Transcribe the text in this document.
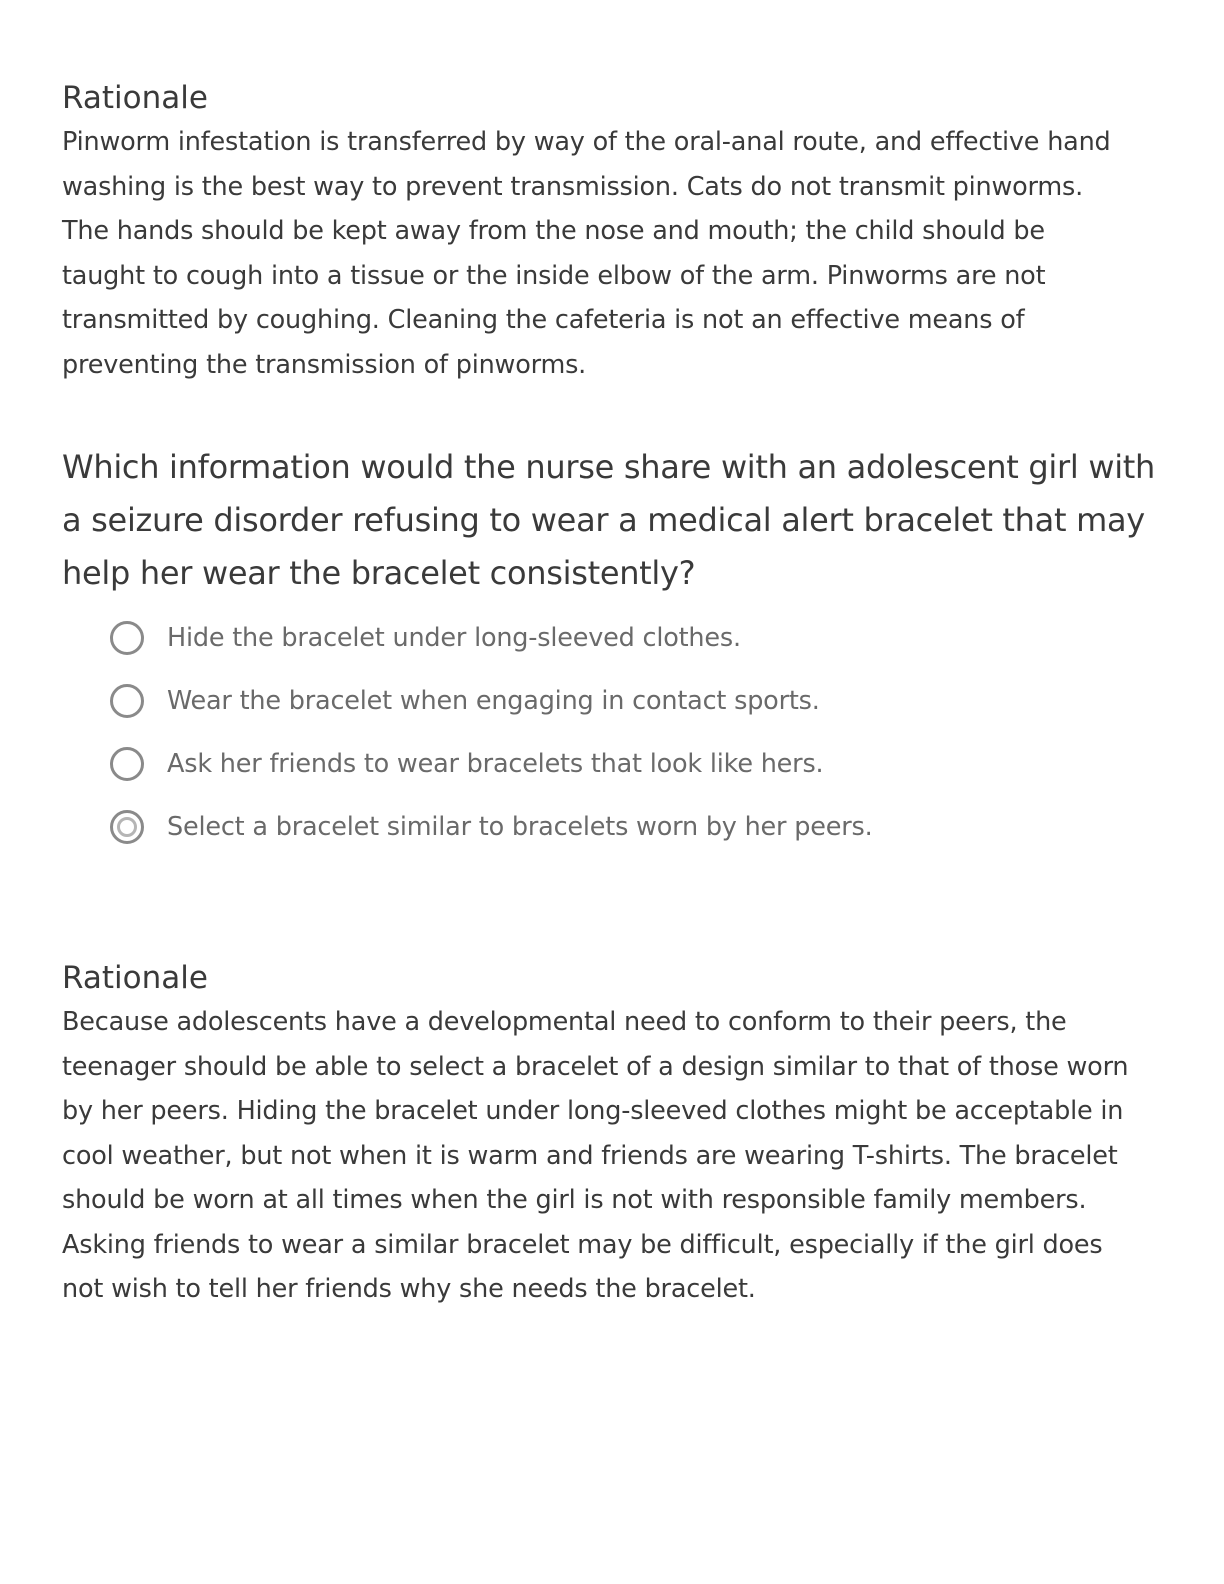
Rationale
Pinworm infestation is transferred by way of the oral-anal route, and effective hand
washing is the best way to prevent transmission. Cats do not transmit pinworms.
The hands should be kept away from the nose and mouth; the child should be
taught to cough into a tissue or the inside elbow of the arm. Pinworms are not
transmitted by coughing. Cleaning the cafeteria is not an effective means of
preventing the transmission of pinworms.
Which information would the nurse share with an adolescent girl with
a seizure disorder refusing to wear a medical alert bracelet that may
help her wear the bracelet consistently?
Hide the bracelet under long-sleeved clothes.
Wear the bracelet when engaging in contact sports.
Ask her friends to wear bracelets that look like hers.
Select a bracelet similar to bracelets worn by her peers.
Rationale
Because adolescents have a developmental need to conform to their peers, the
teenager should be able to select a bracelet of a design similar to that of those worn
by her peers. Hiding the bracelet under long-sleeved clothes might be acceptable in
cool weather, but not when it is warm and friends are wearing T-shirts. The bracelet
should be worn at all times when the girl is not with responsible family members.
Asking friends to wear a similar bracelet may be difficult, especially if the girl does
not wish to tell her friends why she needs the bracelet.
